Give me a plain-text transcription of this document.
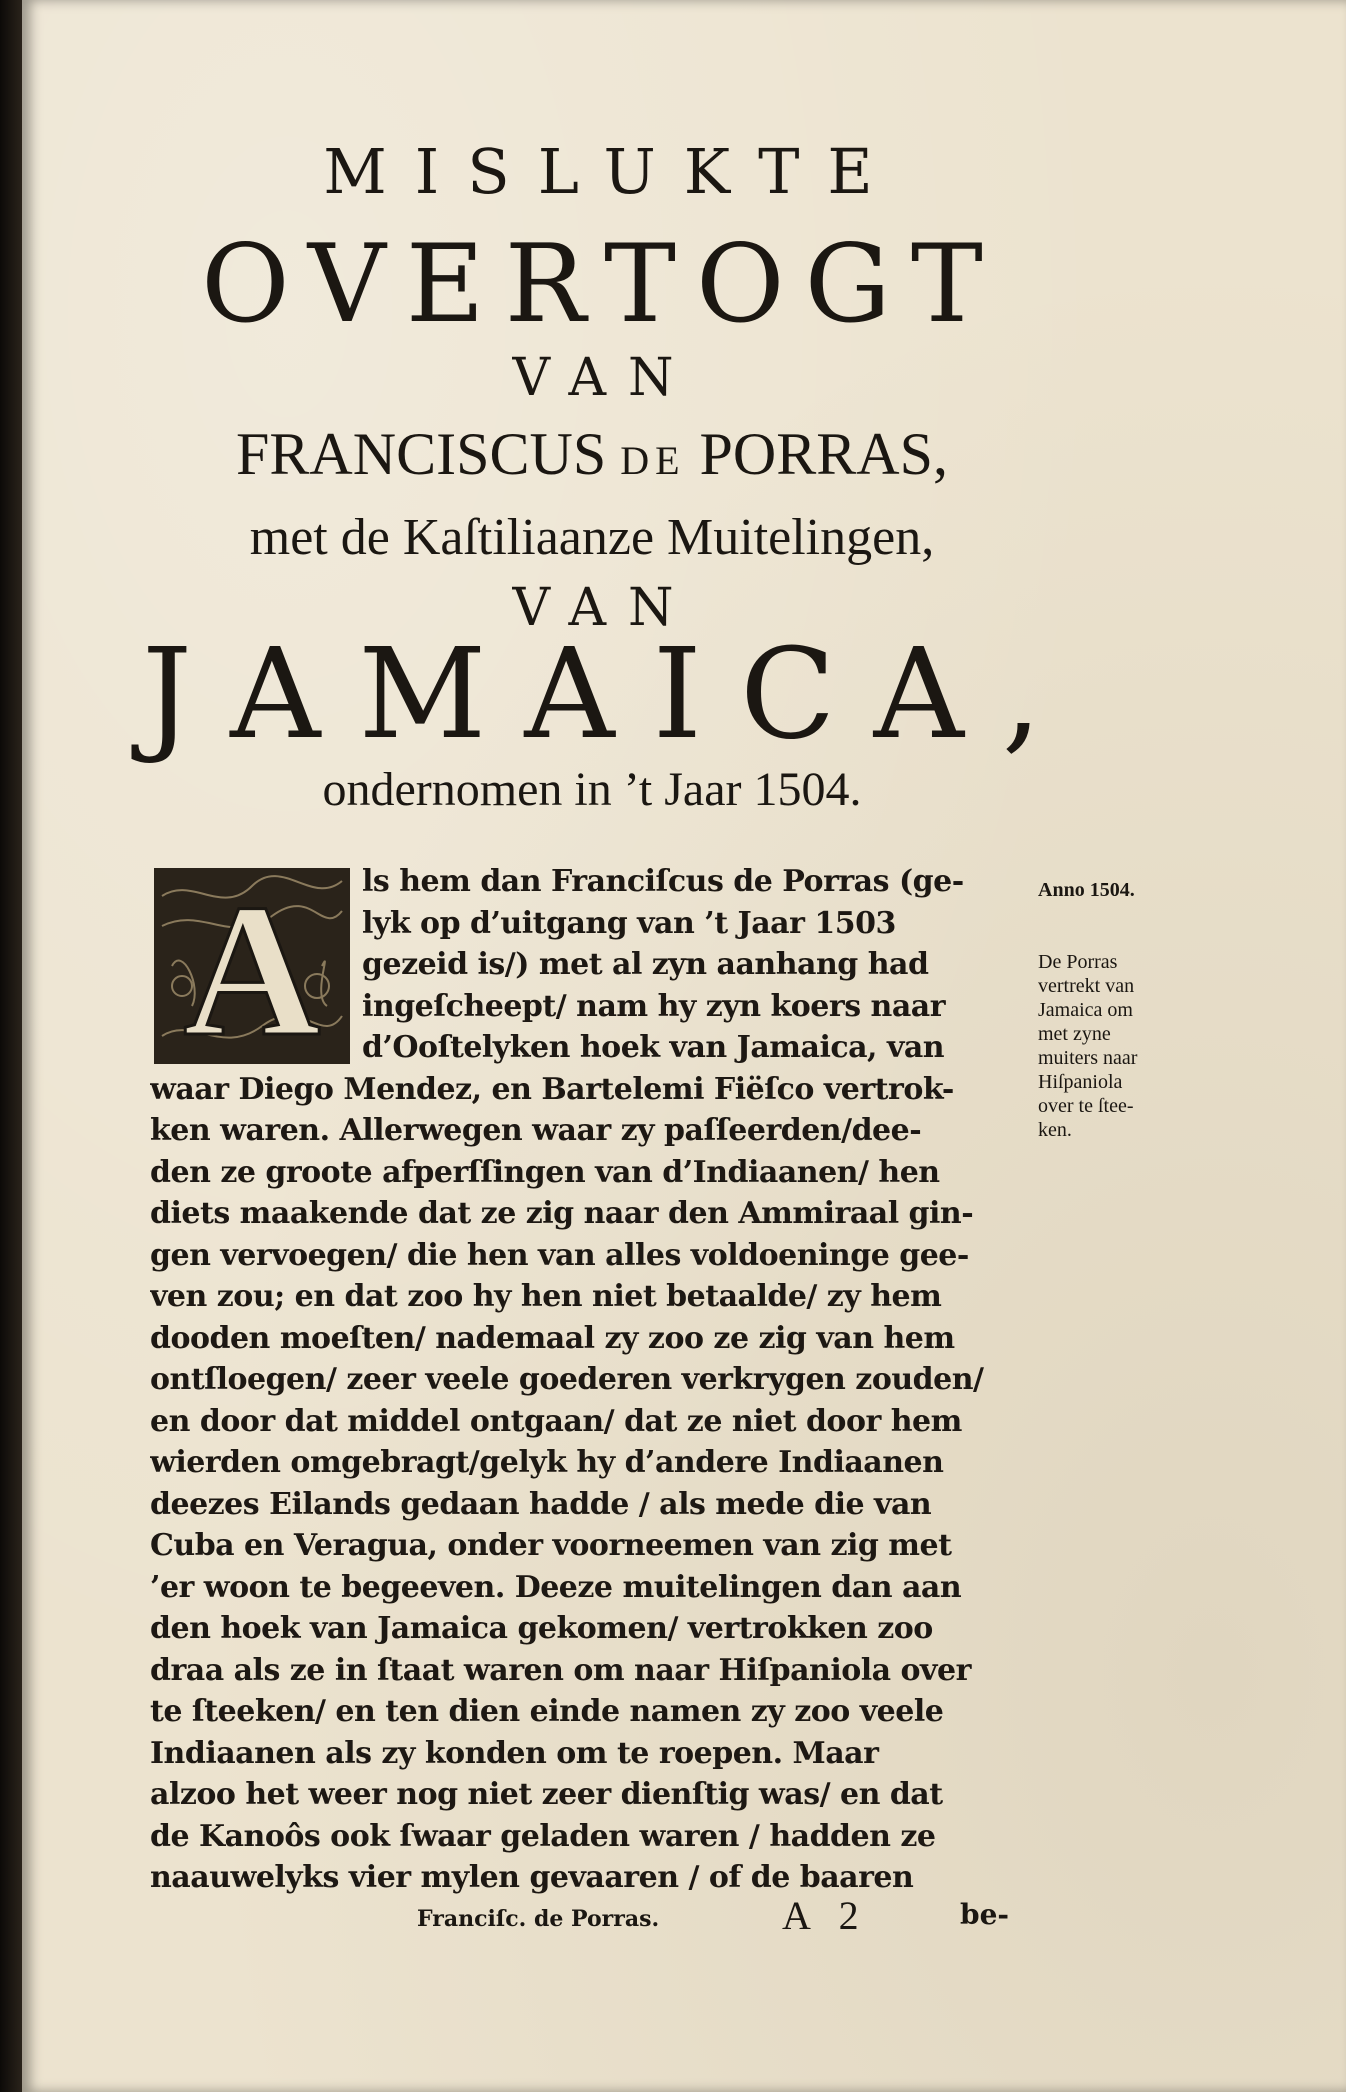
MISLUKTE
OVERTOGT
VAN
FRANCISCUS DE PORRAS,
met de Kaſtiliaanze Muitelingen,
VAN
JAMAICA,
ondernomen in ’t Jaar 1504.
A ls hem dan Franciſcus de Porras (ge-
lyk op d’uitgang van ’t Jaar 1503
gezeid is/) met al zyn aanhang had
ingeſcheept/ nam hy zyn koers naar
d’Ooſtelyken hoek van Jamaica, van
waar Diego Mendez, en Bartelemi Fiëſco vertrok-
ken waren. Allerwegen waar zy paſſeerden/dee-
den ze groote afperſſingen van d’Indiaanen/ hen
diets maakende dat ze zig naar den Ammiraal gin-
gen vervoegen/ die hen van alles voldoeninge gee-
ven zou; en dat zoo hy hen niet betaalde/ zy hem
dooden moeſten/ nademaal zy zoo ze zig van hem
ontſloegen/ zeer veele goederen verkrygen zouden/
en door dat middel ontgaan/ dat ze niet door hem
wierden omgebragt/gelyk hy d’andere Indiaanen
deezes Eilands gedaan hadde / als mede die van
Cuba en Veragua, onder voorneemen van zig met
’er woon te begeeven. Deeze muitelingen dan aan
den hoek van Jamaica gekomen/ vertrokken zoo
draa als ze in ſtaat waren om naar Hiſpaniola over
te ſteeken/ en ten dien einde namen zy zoo veele
Indiaanen als zy konden om te roepen. Maar
alzoo het weer nog niet zeer dienſtig was/ en dat
de Kanoôs ook ſwaar geladen waren / hadden ze
naauwelyks vier mylen gevaaren / of de baaren
Anno 1504.
De Porras
vertrekt van
Jamaica om
met zyne
muiters naar
Hiſpaniola
over te ſtee-
ken.
Franciſc. de Porras.	A 2	be-
